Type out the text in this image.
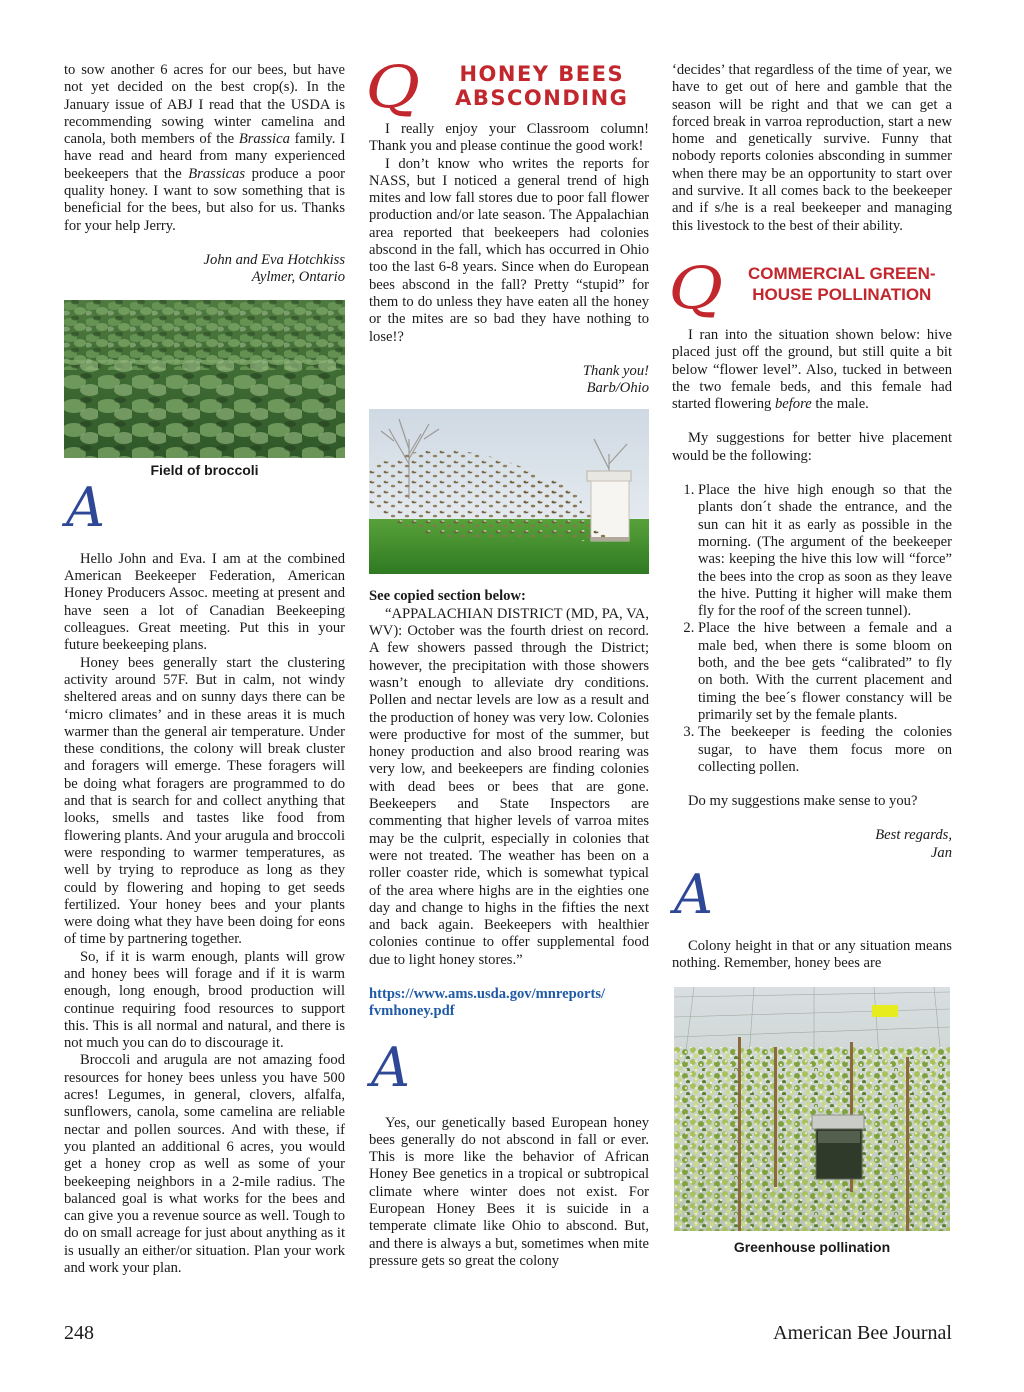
to sow another 6 acres for our bees, but have not yet decided on the best crop(s). In the January issue of ABJ I read that the USDA is recommending sowing winter camelina and canola, both members of the Brassica family. I have read and heard from many experienced beekeepers that the Brassicas produce a poor quality honey. I want to sow something that is beneficial for the bees, but also for us. Thanks for your help Jerry.

John and Eva Hotchkiss

Aylmer, Ontario

Field of broccoli

A

Hello John and Eva. I am at the combined American Beekeeper Federation, American Honey Producers Assoc. meeting at present and have seen a lot of Canadian Beekeeping colleagues. Great meeting. Put this in your future beekeeping plans.

Honey bees generally start the clustering activity around 57F. But in calm, not windy sheltered areas and on sunny days there can be ‘micro climates’ and in these areas it is much warmer than the general air temperature. Under these conditions, the colony will break cluster and foragers will emerge. These foragers will be doing what foragers are programmed to do and that is search for and collect anything that looks, smells and tastes like food from flowering plants. And your arugula and broccoli were responding to warmer temperatures, as well by trying to reproduce as long as they could by flowering and hoping to get seeds fertilized. Your honey bees and your plants were doing what they have been doing for eons of time by partnering together.

So, if it is warm enough, plants will grow and honey bees will forage and if it is warm enough, long enough, brood production will continue requiring food resources to support this. This is all normal and natural, and there is not much you can do to discourage it.

Broccoli and arugula are not amazing food resources for honey bees unless you have 500 acres! Legumes, in general, clovers, alfalfa, sunflowers, canola, some camelina are reliable nectar and pollen sources. And with these, if you planted an additional 6 acres, you would get a honey crop as well as some of your beekeeping neighbors in a 2-mile radius. The balanced goal is what works for the bees and can give you a revenue source as well. Tough to do on small acreage for just about anything as it is usually an either/or situation. Plan your work and work your plan.

Q	HONEY BEES
ABSCONDING

I really enjoy your Classroom column! Thank you and please continue the good work!

I don’t know who writes the reports for NASS, but I noticed a general trend of high mites and low fall stores due to poor fall flower production and/or late season. The Appalachian area reported that beekeepers had colonies abscond in the fall, which has occurred in Ohio too the last 6-8 years. Since when do European bees abscond in the fall? Pretty “stupid” for them to do unless they have eaten all the honey or the mites are so bad they have nothing to lose!?

Thank you!

Barb/Ohio

See copied section below:

“APPALACHIAN DISTRICT (MD, PA, VA, WV): October was the fourth driest on record. A few showers passed through the District; however, the precipitation with those showers wasn’t enough to alleviate dry conditions. Pollen and nectar levels are low as a result and the production of honey was very low. Colonies were productive for most of the summer, but honey production and also brood rearing was very low, and beekeepers are finding colonies with dead bees or bees that are gone. Beekeepers and State Inspectors are commenting that higher levels of varroa mites may be the culprit, especially in colonies that were not treated. The weather has been on a roller coaster ride, which is somewhat typical of the area where highs are in the eighties one day and change to highs in the fifties the next and back again. Beekeepers with healthier colonies continue to offer supplemental food due to light honey stores.”

https://www.ams.usda.gov/mnreports/
fvmhoney.pdf

A

Yes, our genetically based European honey bees generally do not abscond in fall or ever. This is more like the behavior of African Honey Bee genetics in a tropical or subtropical climate where winter does not exist. For European Honey Bees it is suicide in a temperate climate like Ohio to abscond. But, and there is always a but, sometimes when mite pressure gets so great the colony

‘decides’ that regardless of the time of year, we have to get out of here and gamble that the season will be right and that we can get a forced break in varroa reproduction, start a new home and genetically survive. Funny that nobody reports colonies absconding in summer when there may be an opportunity to start over and survive. It all comes back to the beekeeper and if s/he is a real beekeeper and managing this livestock to the best of their ability.

Q	COMMERCIAL GREEN-
HOUSE POLLINATION

I ran into the situation shown below: hive placed just off the ground, but still quite a bit below “flower level”. Also, tucked in between the two female beds, and this female had started flowering before the male.

My suggestions for better hive placement would be the following:

1. Place the hive high enough so that the plants don´t shade the entrance, and the sun can hit it as early as possible in the morning. (The argument of the beekeeper was: keeping the hive this low will “force” the bees into the crop as soon as they leave the hive. Putting it higher will make them fly for the roof of the screen tunnel).
2. Place the hive between a female and a male bed, when there is some bloom on both, and the bee gets “calibrated” to fly on both. With the current placement and timing the bee´s flower constancy will be primarily set by the female plants.
3. The beekeeper is feeding the colonies sugar, to have them focus more on collecting pollen.

Do my suggestions make sense to you?

Best regards,

Jan

A

Colony height in that or any situation means nothing. Remember, honey bees are

Greenhouse pollination

248	American Bee Journal
